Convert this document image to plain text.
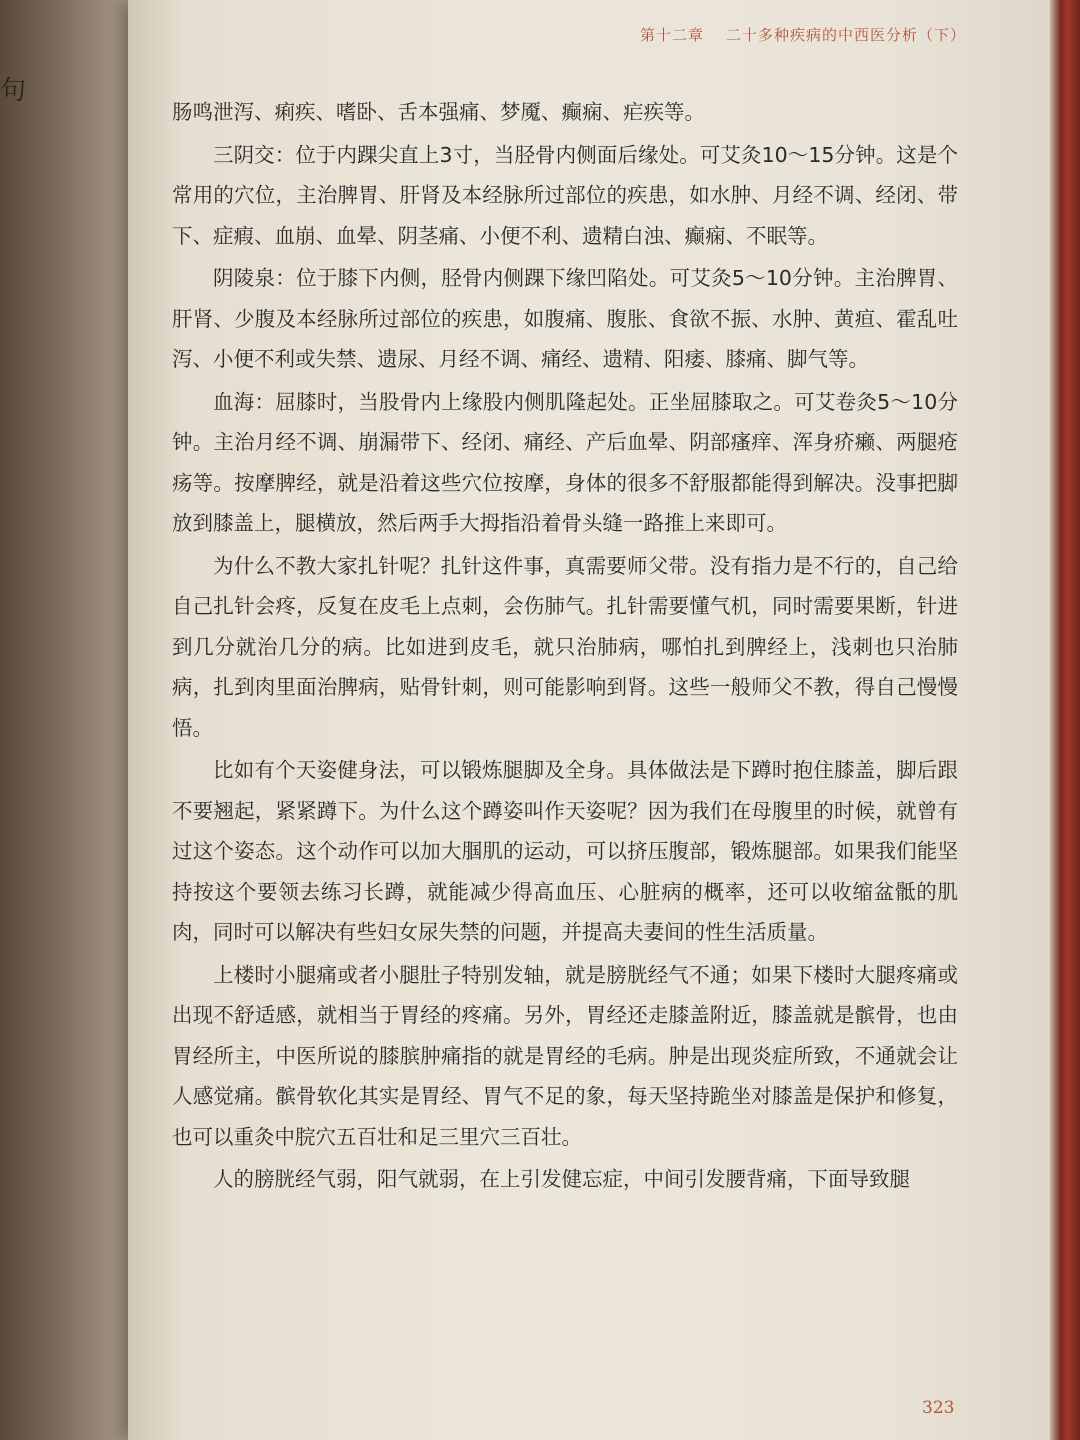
句
第十二章 二十多种疾病的中西医分析（下）

肠鸣泄泻、痢疾、嗜卧、舌本强痛、梦魇、癫痫、疟疾等。

三阴交：位于内踝尖直上3寸，当胫骨内侧面后缘处。可艾灸10～15分钟。这是个常用的穴位，主治脾胃、肝肾及本经脉所过部位的疾患，如水肿、月经不调、经闭、带下、症瘕、血崩、血晕、阴茎痛、小便不利、遗精白浊、癫痫、不眠等。

阴陵泉：位于膝下内侧，胫骨内侧踝下缘凹陷处。可艾灸5～10分钟。主治脾胃、肝肾、少腹及本经脉所过部位的疾患，如腹痛、腹胀、食欲不振、水肿、黄疸、霍乱吐泻、小便不利或失禁、遗尿、月经不调、痛经、遗精、阳痿、膝痛、脚气等。

血海：屈膝时，当股骨内上缘股内侧肌隆起处。正坐屈膝取之。可艾卷灸5～10分钟。主治月经不调、崩漏带下、经闭、痛经、产后血晕、阴部瘙痒、浑身疥癞、两腿疮疡等。按摩脾经，就是沿着这些穴位按摩，身体的很多不舒服都能得到解决。没事把脚放到膝盖上，腿横放，然后两手大拇指沿着骨头缝一路推上来即可。

为什么不教大家扎针呢？扎针这件事，真需要师父带。没有指力是不行的，自己给自己扎针会疼，反复在皮毛上点刺，会伤肺气。扎针需要懂气机，同时需要果断，针进到几分就治几分的病。比如进到皮毛，就只治肺病，哪怕扎到脾经上，浅刺也只治肺病，扎到肉里面治脾病，贴骨针刺，则可能影响到肾。这些一般师父不教，得自己慢慢悟。

比如有个天姿健身法，可以锻炼腿脚及全身。具体做法是下蹲时抱住膝盖，脚后跟不要翘起，紧紧蹲下。为什么这个蹲姿叫作天姿呢？因为我们在母腹里的时候，就曾有过这个姿态。这个动作可以加大腘肌的运动，可以挤压腹部，锻炼腿部。如果我们能坚持按这个要领去练习长蹲，就能减少得高血压、心脏病的概率，还可以收缩盆骶的肌肉，同时可以解决有些妇女尿失禁的问题，并提高夫妻间的性生活质量。

上楼时小腿痛或者小腿肚子特别发轴，就是膀胱经气不通；如果下楼时大腿疼痛或出现不舒适感，就相当于胃经的疼痛。另外，胃经还走膝盖附近，膝盖就是髌骨，也由胃经所主，中医所说的膝膑肿痛指的就是胃经的毛病。肿是出现炎症所致，不通就会让人感觉痛。髌骨软化其实是胃经、胃气不足的象，每天坚持跪坐对膝盖是保护和修复，也可以重灸中脘穴五百壮和足三里穴三百壮。

人的膀胱经气弱，阳气就弱，在上引发健忘症，中间引发腰背痛，下面导致腿

323
